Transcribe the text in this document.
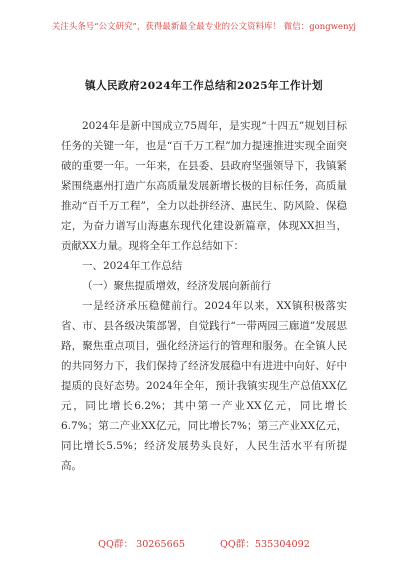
关注头条号“公文研究”，获得最新最全最专业的公文资料库！ 微信：gongwenyj
镇人民政府2024年工作总结和2025年工作计划

2024年是新中国成立75周年，是实现“十四五”规划目标任务的关键一年，也是“百千万工程”加力提速推进实现全面突破的重要一年。一年来，在县委、县政府坚强领导下，我镇紧紧围绕惠州打造广东高质量发展新增长极的目标任务，高质量推动“百千万工程”，全力以赴拼经济、惠民生、防风险、保稳定，为奋力谱写山海惠东现代化建设新篇章，体现XX担当，贡献XX力量。现将全年工作总结如下：

一、2024年工作总结

（一）聚焦提质增效，经济发展向新前行

一是经济承压稳健前行。2024年以来，XX镇积极落实省、市、县各级决策部署，自觉践行“一带两园三廊道”发展思路，聚焦重点项目，强化经济运行的管理和服务。在全镇人民的共同努力下，我们保持了经济发展稳中有进进中向好、好中提质的良好态势。2024年全年，预计我镇实现生产总值XX亿元，同比增长6.2%；其中第一产业XX亿元，同比增长6.7%；第二产业XX亿元，同比增长7%；第三产业XX亿元，同比增长5.5%；经济发展势头良好，人民生活水平有所提高。

QQ群： 30265665	QQ群：535304092
